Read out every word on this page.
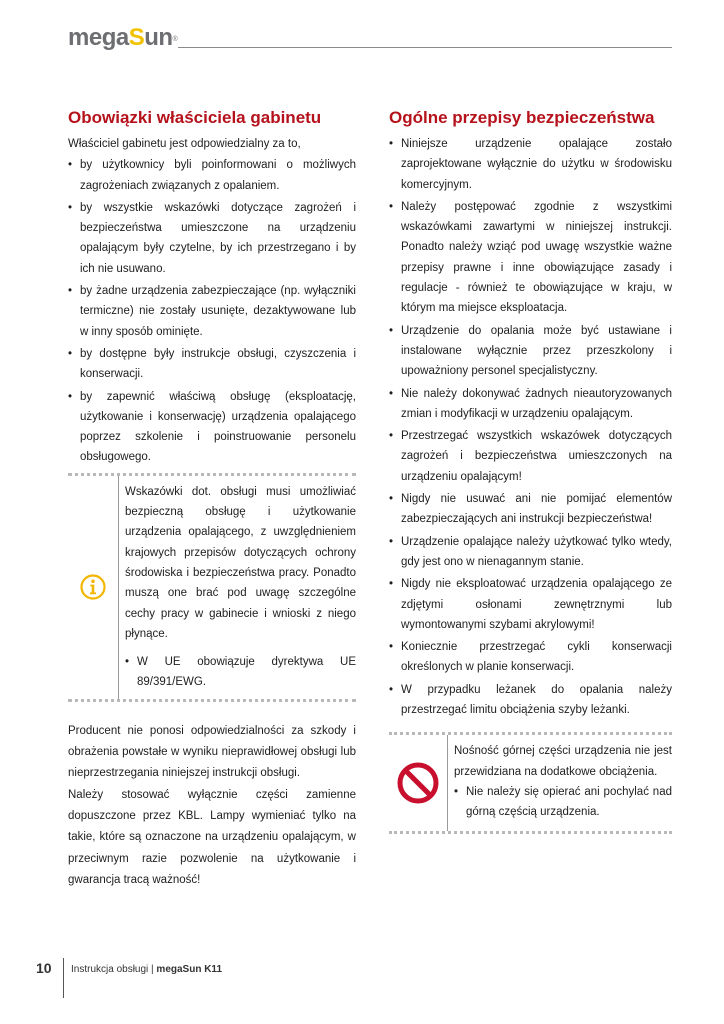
megaSun®
Obowiązki właściciela gabinetu

Właściciel gabinetu jest odpowiedzialny za to,

• by użytkownicy byli poinformowani o możliwych zagrożeniach związanych z opalaniem.
• by wszystkie wskazówki dotyczące zagrożeń i bezpieczeństwa umieszczone na urządzeniu opalającym były czytelne, by ich przestrzegano i by ich nie usuwano.
• by żadne urządzenia zabezpieczające (np. wyłączniki termiczne) nie zostały usunięte, dezaktywowane lub w inny sposób ominięte.
• by dostępne były instrukcje obsługi, czyszczenia i konserwacji.
• by zapewnić właściwą obsługę (eksploatację, użytkowanie i konserwację) urządzenia opalającego poprzez szkolenie i poinstruowanie personelu obsługowego.

Wskazówki dot. obsługi musi umożliwiać bezpieczną obsługę i użytkowanie urządzenia opalającego, z uwzględnieniem krajowych przepisów dotyczących ochrony środowiska i bezpieczeństwa pracy. Ponadto muszą one brać pod uwagę szczególne cechy pracy w gabinecie i wnioski z niego płynące.

• W UE obowiązuje dyrektywa UE 89/391/EWG.

Producent nie ponosi odpowiedzialności za szkody i obrażenia powstałe w wyniku nieprawidłowej obsługi lub nieprzestrzegania niniejszej instrukcji obsługi.

Należy stosować wyłącznie części zamienne dopuszczone przez KBL. Lampy wymieniać tylko na takie, które są oznaczone na urządzeniu opalającym, w przeciwnym razie pozwolenie na użytkowanie i gwarancja tracą ważność!

Ogólne przepisy bezpieczeństwa
• Niniejsze urządzenie opalające zostało zaprojektowane wyłącznie do użytku w środowisku komercyjnym.
• Należy postępować zgodnie z wszystkimi wskazówkami zawartymi w niniejszej instrukcji. Ponadto należy wziąć pod uwagę wszystkie ważne przepisy prawne i inne obowiązujące zasady i regulacje - również te obowiązujące w kraju, w którym ma miejsce eksploatacja.
• Urządzenie do opalania może być ustawiane i instalowane wyłącznie przez przeszkolony i upoważniony personel specjalistyczny.
• Nie należy dokonywać żadnych nieautoryzowanych zmian i modyfikacji w urządzeniu opalającym.
• Przestrzegać wszystkich wskazówek dotyczących zagrożeń i bezpieczeństwa umieszczonych na urządzeniu opalającym!
• Nigdy nie usuwać ani nie pomijać elementów zabezpieczających ani instrukcji bezpieczeństwa!
• Urządzenie opalające należy użytkować tylko wtedy, gdy jest ono w nienagannym stanie.
• Nigdy nie eksploatować urządzenia opalającego ze zdjętymi osłonami zewnętrznymi lub wymontowanymi szybami akrylowymi!
• Koniecznie przestrzegać cykli konserwacji określonych w planie konserwacji.
• W przypadku leżanek do opalania należy przestrzegać limitu obciążenia szyby leżanki.

Nośność górnej części urządzenia nie jest przewidziana na dodatkowe obciążenia.

• Nie należy się opierać ani pochylać nad górną częścią urządzenia.
10 Instrukcja obsługi | megaSun K11
